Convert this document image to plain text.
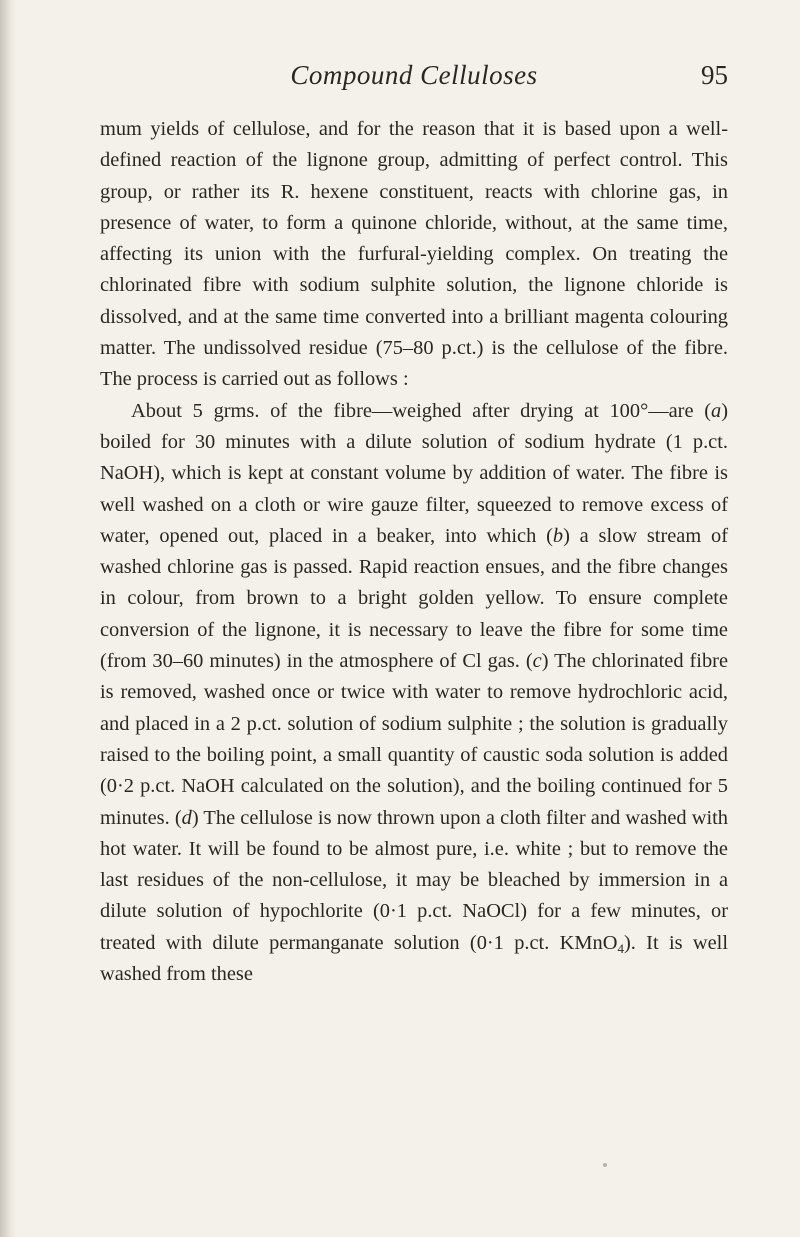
Compound Celluloses	95

mum yields of cellulose, and for the reason that it is based upon a well-defined reaction of the lignone group, admitting of perfect control. This group, or rather its R. hexene constituent, reacts with chlorine gas, in presence of water, to form a quinone chloride, without, at the same time, affecting its union with the furfural-yielding complex. On treating the chlorinated fibre with sodium sulphite solution, the lignone chloride is dissolved, and at the same time converted into a brilliant magenta colouring matter. The undissolved residue (75–80 p.ct.) is the cellulose of the fibre. The process is carried out as follows :

About 5 grms. of the fibre—weighed after drying at 100°—are (a) boiled for 30 minutes with a dilute solution of sodium hydrate (1 p.ct. NaOH), which is kept at constant volume by addition of water. The fibre is well washed on a cloth or wire gauze filter, squeezed to remove excess of water, opened out, placed in a beaker, into which (b) a slow stream of washed chlorine gas is passed. Rapid reaction ensues, and the fibre changes in colour, from brown to a bright golden yellow. To ensure complete conversion of the lignone, it is necessary to leave the fibre for some time (from 30–60 minutes) in the atmosphere of Cl gas. (c) The chlorinated fibre is removed, washed once or twice with water to remove hydrochloric acid, and placed in a 2 p.ct. solution of sodium sulphite ; the solution is gradually raised to the boiling point, a small quantity of caustic soda solution is added (0·2 p.ct. NaOH calculated on the solution), and the boiling continued for 5 minutes. (d) The cellulose is now thrown upon a cloth filter and washed with hot water. It will be found to be almost pure, i.e. white ; but to remove the last residues of the non-cellulose, it may be bleached by immersion in a dilute solution of hypochlorite (0·1 p.ct. NaOCl) for a few minutes, or treated with dilute permanganate solution (0·1 p.ct. KMnO$_4$). It is well washed from these
